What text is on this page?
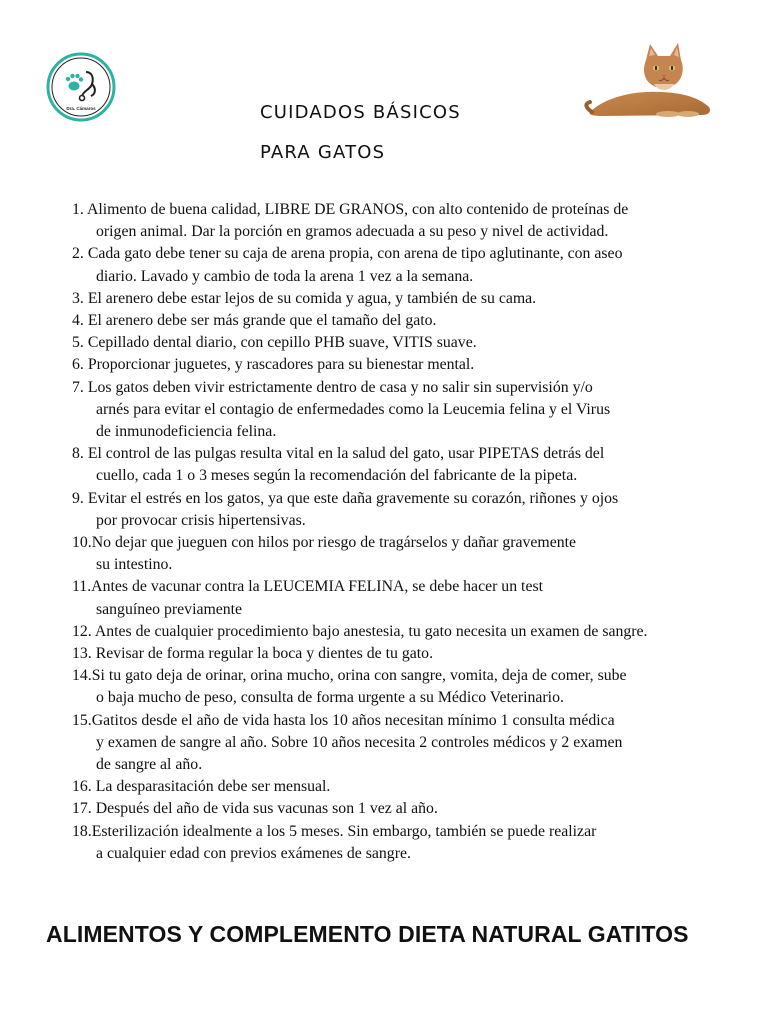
Dra. Cámaros	CUIDADOS BÁSICOS
PARA GATOS
1. Alimento de buena calidad, LIBRE DE GRANOS, con alto contenido de proteínas de
origen animal. Dar la porción en gramos adecuada a su peso y nivel de actividad.
2. Cada gato debe tener su caja de arena propia, con arena de tipo aglutinante, con aseo
diario. Lavado y cambio de toda la arena 1 vez a la semana.
3. El arenero debe estar lejos de su comida y agua, y también de su cama.
4. El arenero debe ser más grande que el tamaño del gato.
5. Cepillado dental diario, con cepillo PHB suave, VITIS suave.
6. Proporcionar juguetes, y rascadores para su bienestar mental.
7. Los gatos deben vivir estrictamente dentro de casa y no salir sin supervisión y/o
arnés para evitar el contagio de enfermedades como la Leucemia felina y el Virus
de inmunodeficiencia felina.
8. El control de las pulgas resulta vital en la salud del gato, usar PIPETAS detrás del
cuello, cada 1 o 3 meses según la recomendación del fabricante de la pipeta.
9. Evitar el estrés en los gatos, ya que este daña gravemente su corazón, riñones y ojos
por provocar crisis hipertensivas.
10.No dejar que jueguen con hilos por riesgo de tragárselos y dañar gravemente
su intestino.
11.Antes de vacunar contra la LEUCEMIA FELINA, se debe hacer un test
sanguíneo previamente
12. Antes de cualquier procedimiento bajo anestesia, tu gato necesita un examen de sangre.
13. Revisar de forma regular la boca y dientes de tu gato.
14.Si tu gato deja de orinar, orina mucho, orina con sangre, vomita, deja de comer, sube
o baja mucho de peso, consulta de forma urgente a su Médico Veterinario.
15.Gatitos desde el año de vida hasta los 10 años necesitan mínimo 1 consulta médica
y examen de sangre al año. Sobre 10 años necesita 2 controles médicos y 2 examen
de sangre al año.
16. La desparasitación debe ser mensual.
17. Después del año de vida sus vacunas son 1 vez al año.
18.Esterilización idealmente a los 5 meses. Sin embargo, también se puede realizar
a cualquier edad con previos exámenes de sangre.
ALIMENTOS Y COMPLEMENTO DIETA NATURAL GATITOS
